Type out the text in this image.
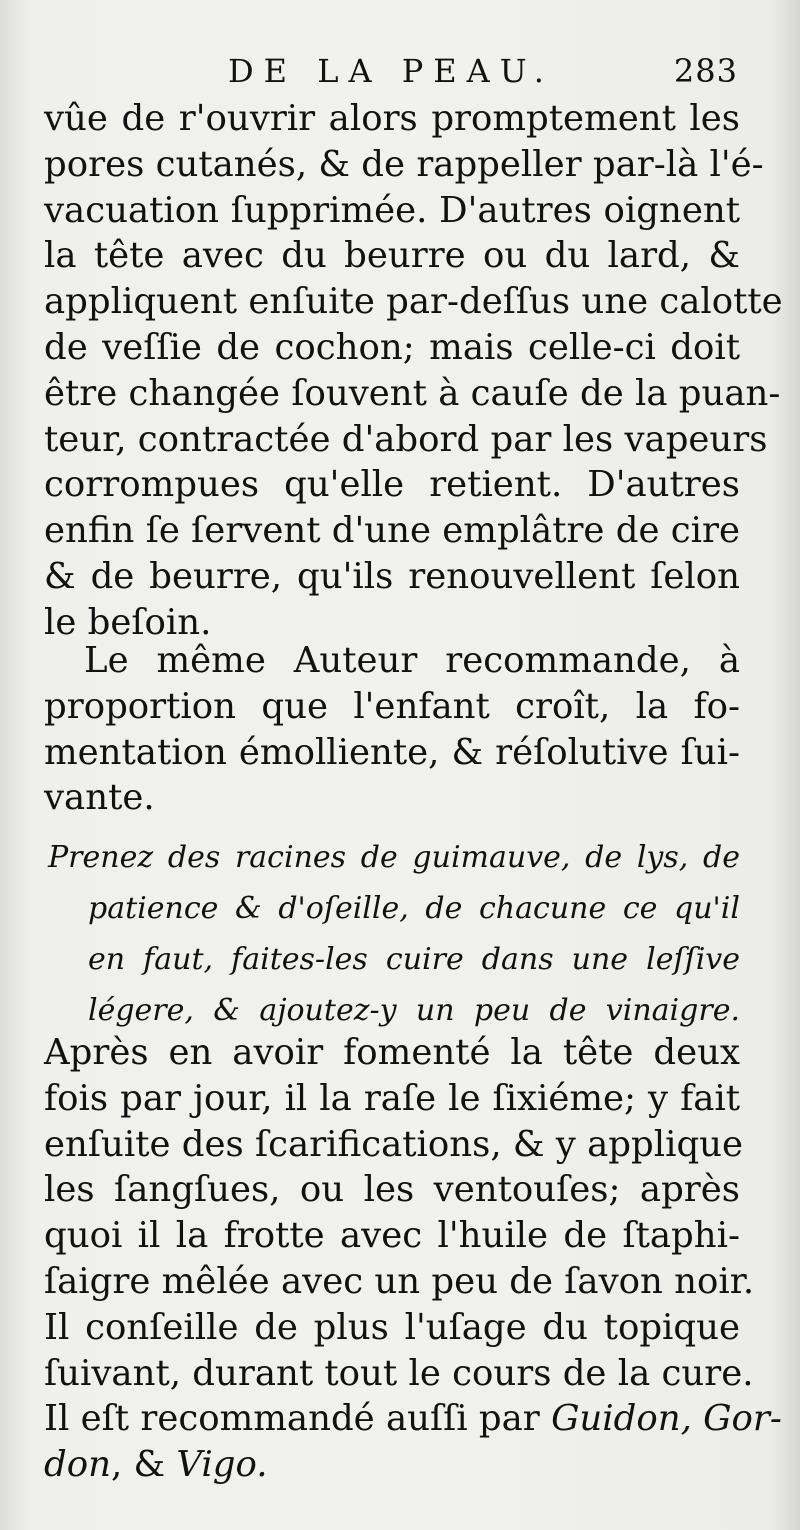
DE LA PEAU.	283
vûe de r'ouvrir alors promptement les
pores cutanés, & de rappeller par-là l'é-
vacuation ſupprimée. D'autres oignent
la tête avec du beurre ou du lard, &
appliquent enſuite par-deſſus une calotte
de veſſie de cochon; mais celle-ci doit
être changée ſouvent à cauſe de la puan-
teur, contractée d'abord par les vapeurs
corrompues qu'elle retient. D'autres
enfin ſe ſervent d'une emplâtre de cire
& de beurre, qu'ils renouvellent ſelon
le beſoin.
Le même Auteur recommande, à
proportion que l'enfant croît, la fo-
mentation émolliente, & réſolutive ſui-
vante.
Prenez des racines de guimauve, de lys, de
patience & d'oſeille, de chacune ce qu'il
en faut, faites-les cuire dans une leſſive
légere, & ajoutez-y un peu de vinaigre.
Après en avoir fomenté la tête deux
fois par jour, il la raſe le ſixiéme; y fait
enſuite des ſcarifications, & y applique
les ſangſues, ou les ventouſes; après
quoi il la frotte avec l'huile de ſtaphi-
ſaigre mêlée avec un peu de ſavon noir.
Il conſeille de plus l'uſage du topique
ſuivant, durant tout le cours de la cure.
Il eſt recommandé auſſi par Guidon, Gor-
don, & Vigo.
